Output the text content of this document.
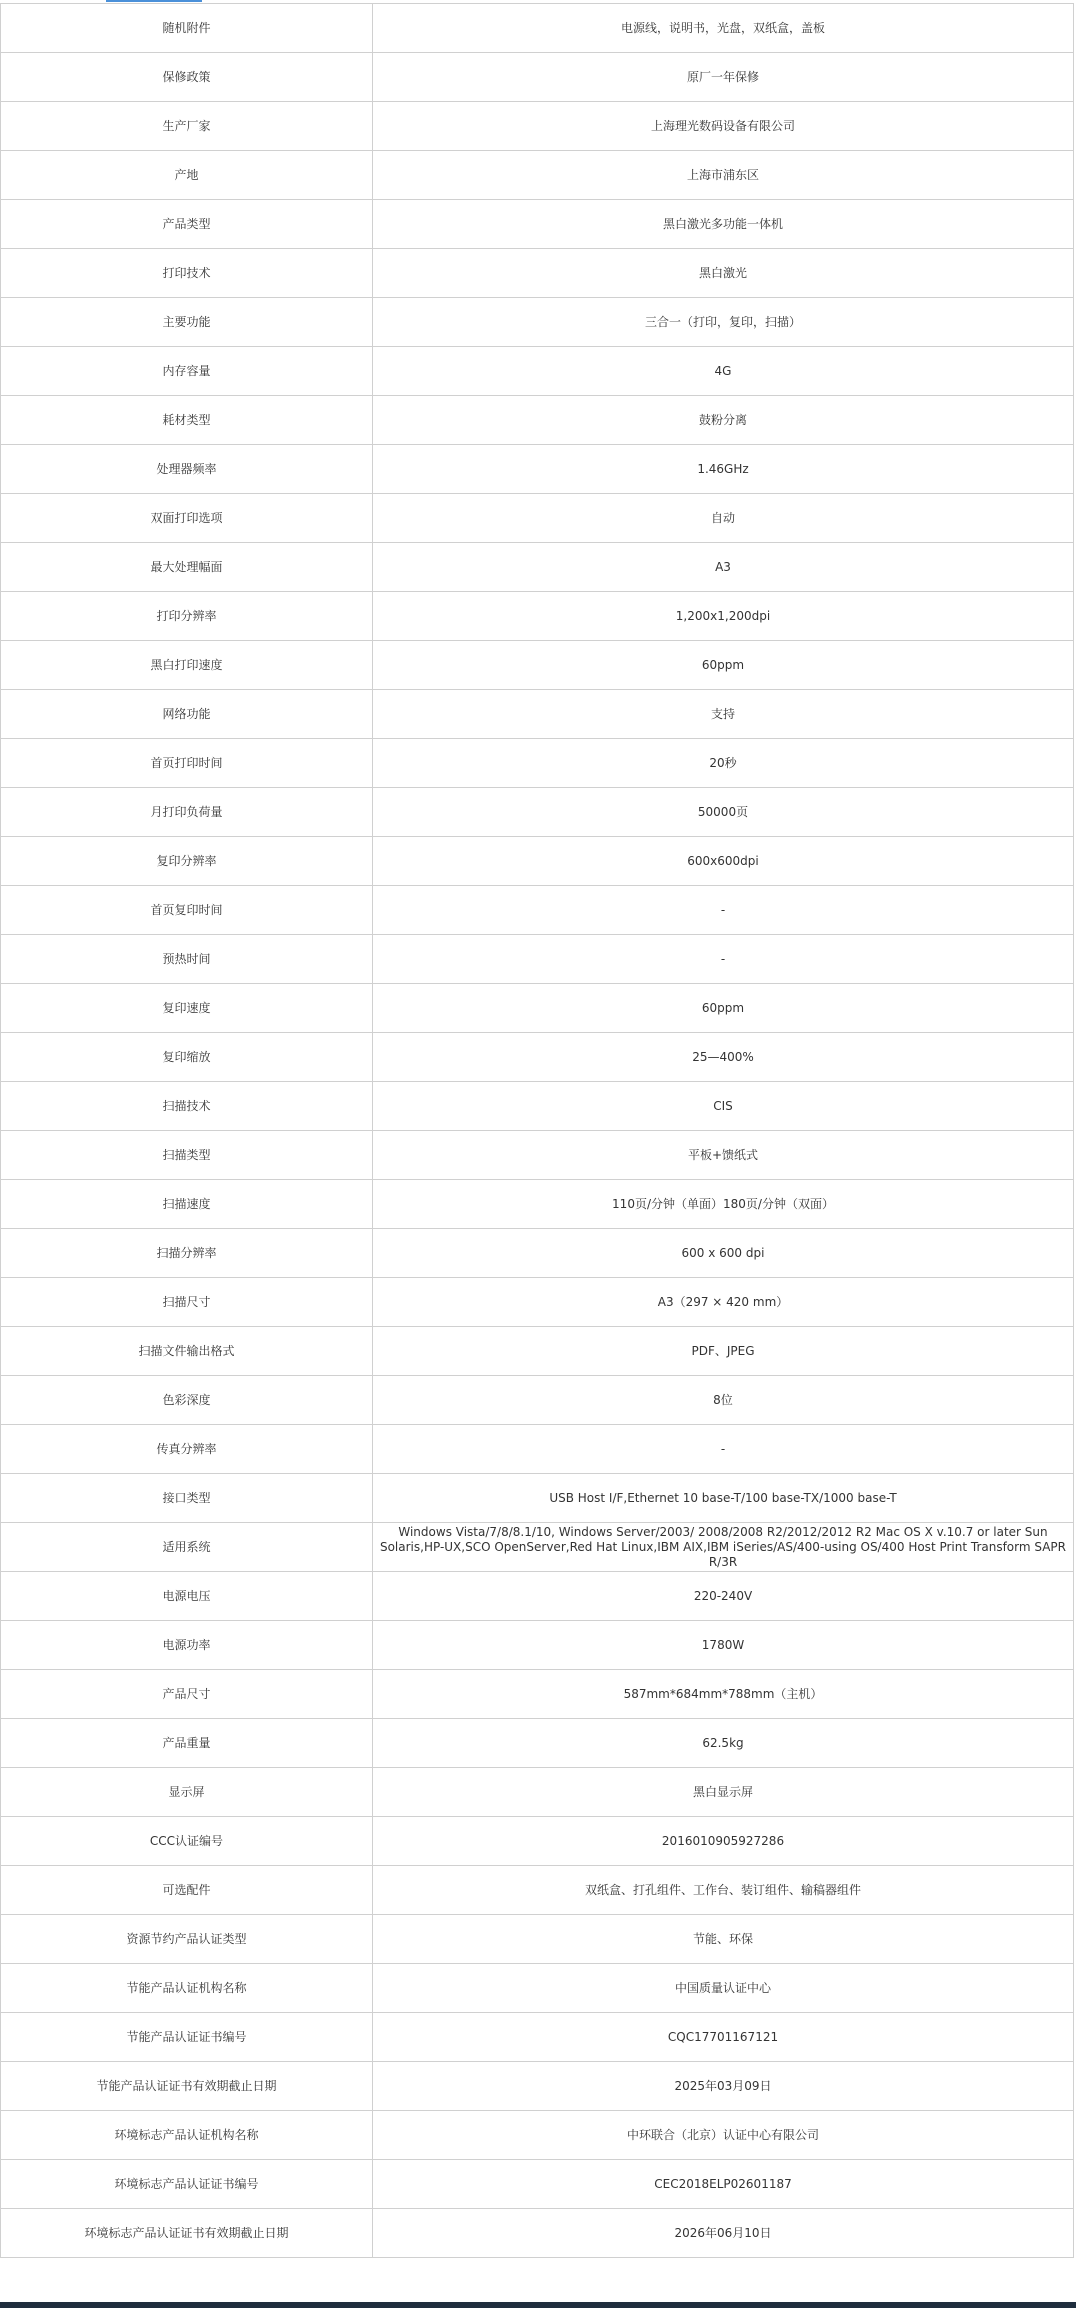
随机附件	电源线，说明书，光盘，双纸盒，盖板
保修政策	原厂一年保修
生产厂家	上海理光数码设备有限公司
产地	上海市浦东区
产品类型	黑白激光多功能一体机
打印技术	黑白激光
主要功能	三合一（打印，复印，扫描）
内存容量	4G
耗材类型	鼓粉分离
处理器频率	1.46GHz
双面打印选项	自动
最大处理幅面	A3
打印分辨率	1,200x1,200dpi
黑白打印速度	60ppm
网络功能	支持
首页打印时间	20秒
月打印负荷量	50000页
复印分辨率	600x600dpi
首页复印时间	-
预热时间	-
复印速度	60ppm
复印缩放	25—400%
扫描技术	CIS
扫描类型	平板+馈纸式
扫描速度	110页/分钟（单面）180页/分钟（双面）
扫描分辨率	600 x 600 dpi
扫描尺寸	A3（297 × 420 mm）
扫描文件输出格式	PDF、JPEG
色彩深度	8位
传真分辨率	-
接口类型	USB Host I/F,Ethernet 10 base-T/100 base-TX/1000 base-T
适用系统	Windows Vista/7/8/8.1/10, Windows Server/2003/ 2008/2008 R2/2012/2012 R2 Mac OS X v.10.7 or later Sun Solaris,HP-UX,SCO OpenServer,Red Hat Linux,IBM AIX,IBM iSeries/AS/400-using OS/400 Host Print Transform SAPR R/3R
电源电压	220-240V
电源功率	1780W
产品尺寸	587mm*684mm*788mm（主机）
产品重量	62.5kg
显示屏	黑白显示屏
CCC认证编号	2016010905927286
可选配件	双纸盒、打孔组件、工作台、装订组件、输稿器组件
资源节约产品认证类型	节能、环保
节能产品认证机构名称	中国质量认证中心
节能产品认证证书编号	CQC17701167121
节能产品认证证书有效期截止日期	2025年03月09日
环境标志产品认证机构名称	中环联合（北京）认证中心有限公司
环境标志产品认证证书编号	CEC2018ELP02601187
环境标志产品认证证书有效期截止日期	2026年06月10日
